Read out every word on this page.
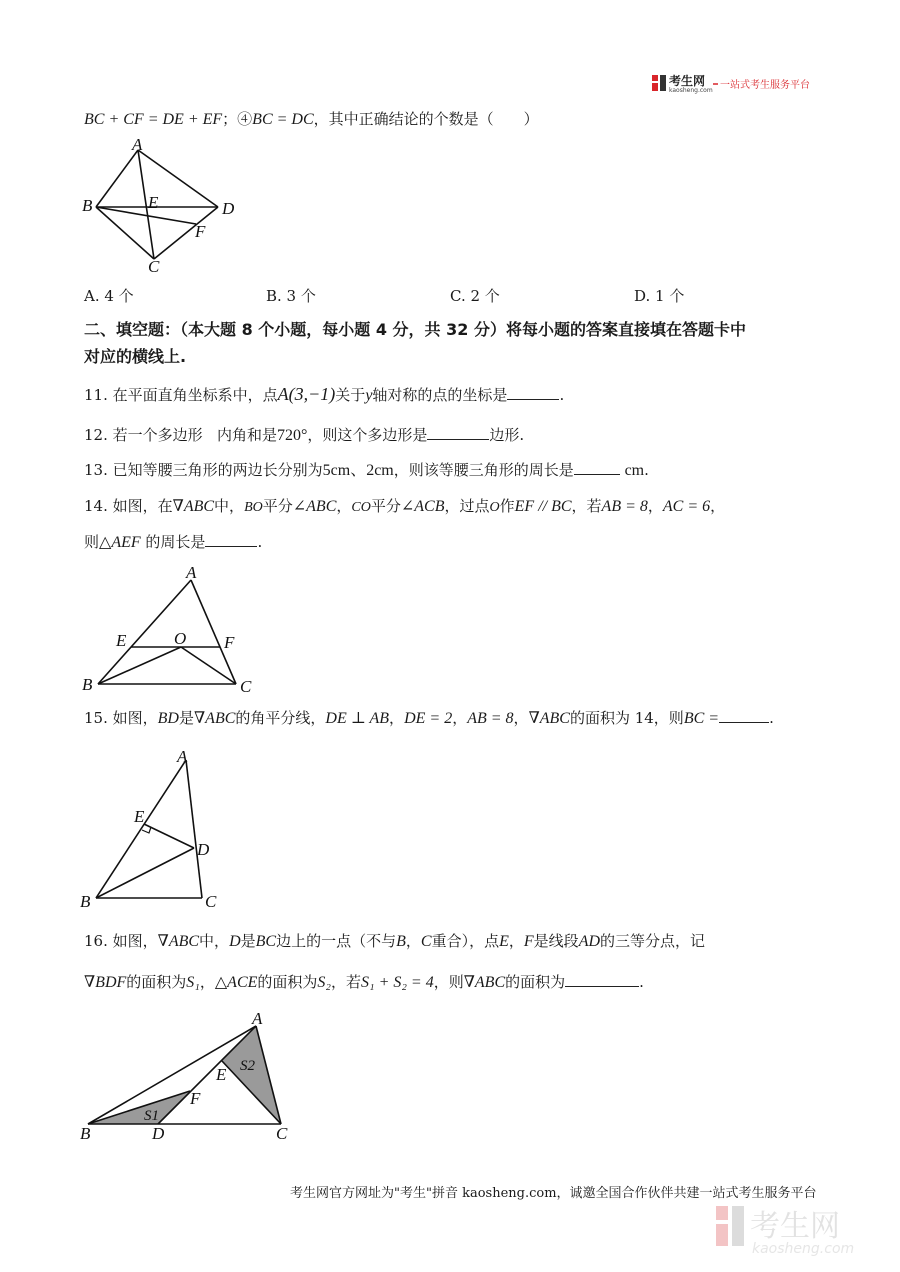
考生网
kaosheng.com 一站式考生服务平台
BC + CF = DE + EF；④BC = DC，其中正确结论的个数是（　　）
A
B	E	D
F
C
A. 4 个	B. 3 个	C. 2 个	D. 1 个
二、填空题：（本大题 8 个小题，每小题 4 分，共 32 分）将每小题的答案直接填在答题卡中
对应的横线上.
11. 在平面直角坐标系中，点A(3,−1)关于y轴对称的点的坐标是	.
12. 若一个多边形 内角和是720°，则这个多边形是	边形.
13. 已知等腰三角形的两边长分别为5cm、2cm，则该等腰三角形的周长是	cm.
14. 如图，在∇ABC中，BO平分∠ABC，CO平分∠ACB，过点O作EF // BC，若AB = 8，AC = 6，
则△AEF 的周长是	.
A
E	O F
B	C
15. 如图，BD是∇ABC的角平分线，DE ⊥ AB，DE = 2，AB = 8，∇ABC的面积为 14，则BC =	.
A
E
D
B	C
16. 如图，∇ABC中，D是BC边上的一点（不与B，C重合），点E，F是线段AD的三等分点，记
∇BDF的面积为S₁，△ACE的面积为S₂，若S₁ + S₂ = 4，则∇ABC的面积为	.
A
E S2
F
S1
B	D	C
考生网官方网址为"考生"拼音 kaosheng.com，诚邀全国合作伙伴共建一站式考生服务平台
考生网
kaosheng.com
